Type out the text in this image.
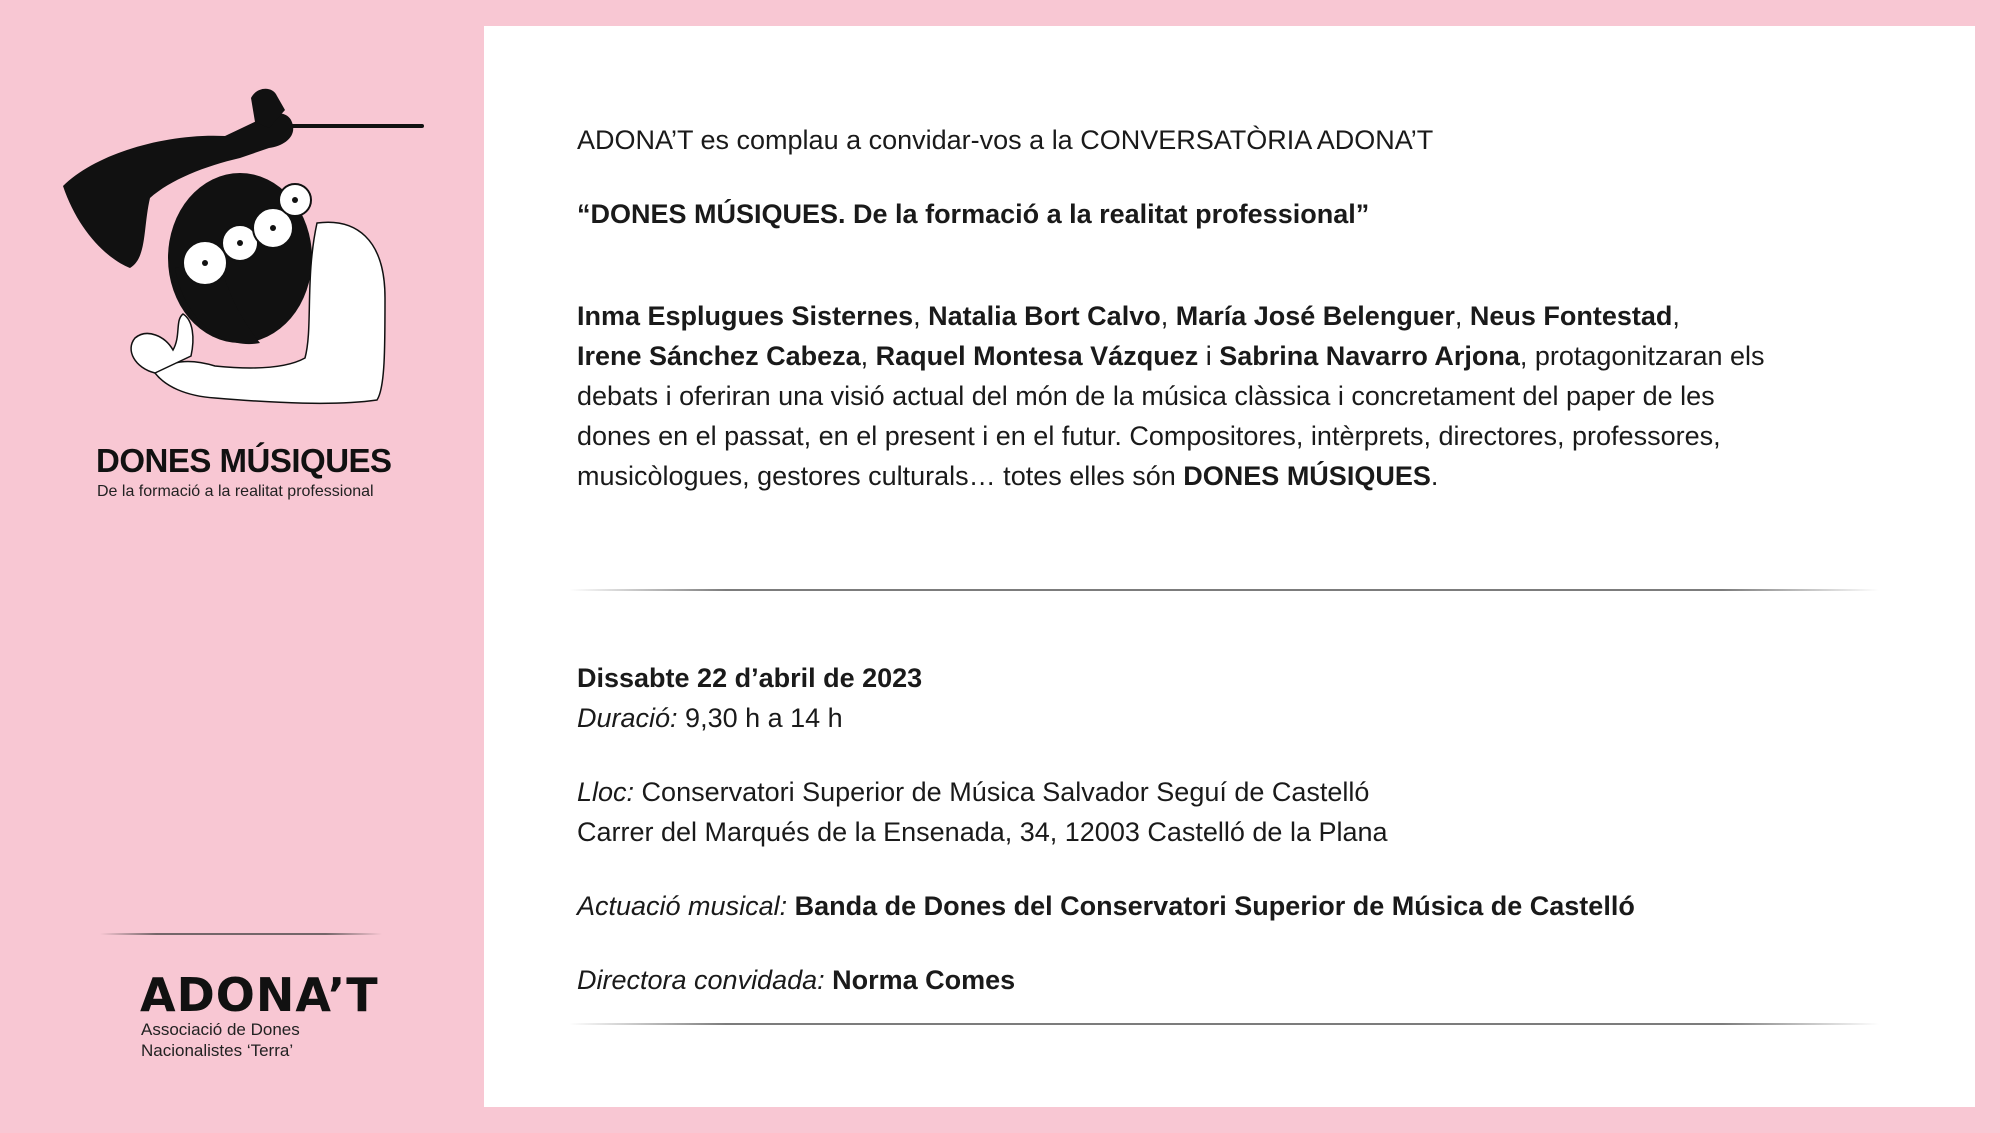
DONES MÚSIQUES
De la formació a la realitat professional
ADONA’T
Associació de Dones
Nacionalistes ‘Terra’
ADONA’T es complau a convidar-vos a la CONVERSATÒRIA ADONA’T
“DONES MÚSIQUES. De la formació a la realitat professional”
Inma Esplugues Sisternes, Natalia Bort Calvo, María José Belenguer, Neus Fontestad,
Irene Sánchez Cabeza, Raquel Montesa Vázquez i Sabrina Navarro Arjona, protagonitzaran els
debats i oferiran una visió actual del món de la música clàssica i concretament del paper de les
dones en el passat, en el present i en el futur. Compositores, intèrprets, directores, professores,
musicòlogues, gestores culturals… totes elles són DONES MÚSIQUES.
Dissabte 22 d’abril de 2023
Duració: 9,30 h a 14 h
Lloc: Conservatori Superior de Música Salvador Seguí de Castelló
Carrer del Marqués de la Ensenada, 34, 12003 Castelló de la Plana
Actuació musical: Banda de Dones del Conservatori Superior de Música de Castelló
Directora convidada: Norma Comes
